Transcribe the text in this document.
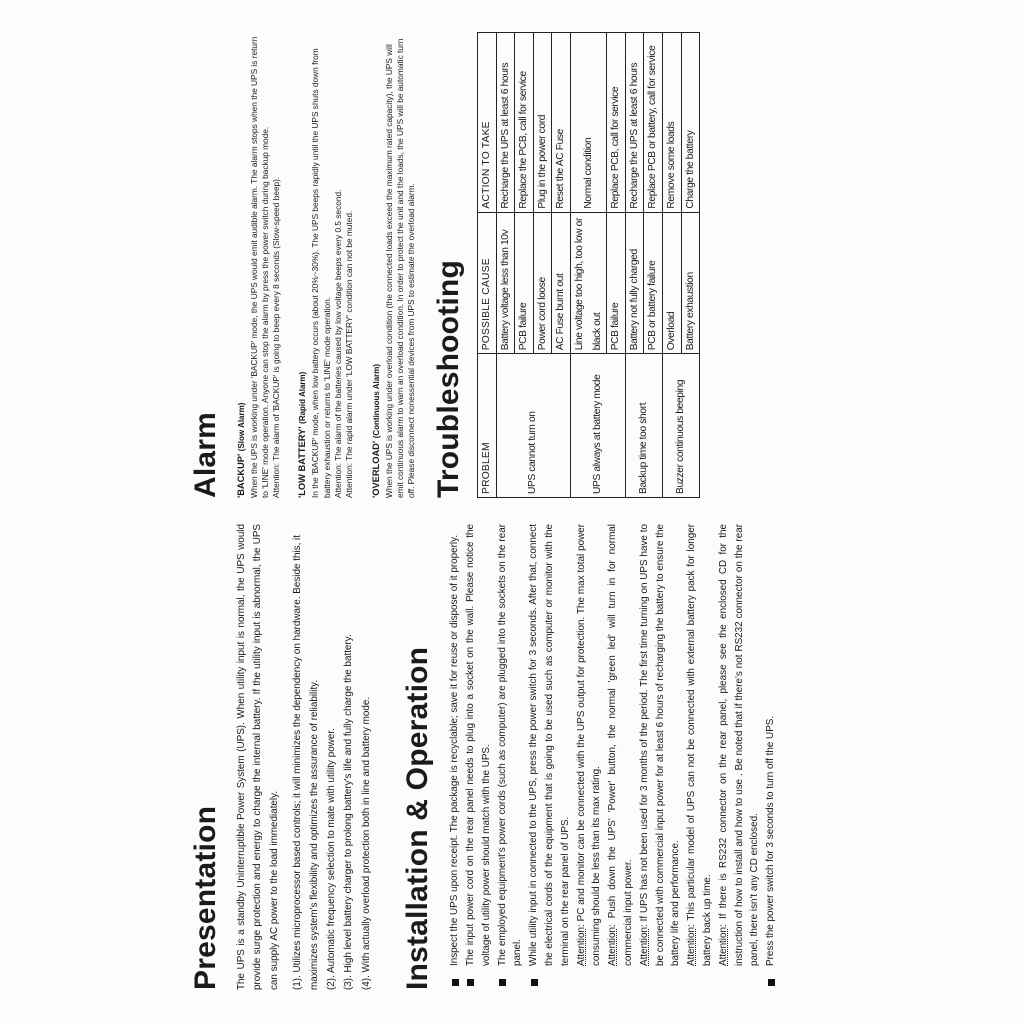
Presentation The UPS is a standby Uninterruptible Power System (UPS). When utility input is normal, the UPS would provide surge protection and energy to charge the internal battery. If the utility input is abnormal, the UPS can supply AC power to the load immediately.	(1). Utilizes microprocessor based controls; it will minimizes the dependency on hardware. Beside this, it maximizes system's flexibility and optimizes the assurance of reliability. (2). Automatic frequency selection to mate with utility power. (3). High level battery charger to prolong battery's life and fully charge the battery. (4). With actually overload protection both in line and battery mode. Installation & Operation Inspect the UPS upon receipt. The package is recyclable; save it for reuse or dispose of it properly. The input power cord on the rear panel needs to plug into a socket on the wall. Please notice the voltage of utility power should match with the UPS. The employed equipment's power cords (such as computer) are plugged into the sockets on the rear panel. While utility input in connected to the UPS, press the power switch for 3 seconds. After that, connect the electrical cords of the equipment that is going to be used such as computer or monitor with the terminal on the rear panel of UPS. Attention: PC and monitor can be connected with the UPS output for protection. The max total power consuming should be less than its max rating. Attention: Push down the UPS' 'Power' button, the normal 'green led' will turn in for normal commercial input power. Attention: If UPS has not been used for 3 months of the period. The first time turning on UPS have to be connected with commercial input power for at least 6 hours of recharging the battery to ensure the battery life and performance. Attention: This particular model of UPS can not be connected with external battery pack for longer battery back up time. Attention: If there is RS232 connector on the rear panel, please see the enclosed CD for the instruction of how to install and how to use . Be noted that if there's not RS232 connector on the rear panel, there isn't any CD enclosed. Press the power switch for 3 seconds to turn off the UPS.
Alarm 'BACKUP' (Slow Alarm) When the UPS is working under 'BACKUP' mode, the UPS would emit audible alarm. The alarm stops when the UPS is return to 'LINE' mode operation. Anyone can stop the alarm by press the power switch during backup mode. Attention: The alarm of 'BACKUP' is going to beep every 8 seconds (Slow-speed beep). 'LOW BATTERY' (Rapid Alarm) In the 'BACKUP' mode, when low battery occurs (about 20%~30%). The UPS beeps rapidly until the UPS shuts down from battery exhaustion or returns to 'LINE' mode operation. Attention: The alarm of the batteries caused by low voltage beeps every 0.5 second. Attention: The rapid alarm under 'LOW BATTERY' condition can not be muted. 'OVERLOAD' (Continuous Alarm) When the UPS is working under overload condition (the connected loads exceed the maximum rated capacity), the UPS will emit continuous alarm to warn an overload condition. In order to protect the unit and the loads, the UPS will be automatic turn off. Please disconnect nonessential devices from UPS to estimate the overload alarm. Troubleshooting PROBLEM	POSSIBLE CAUSE	ACTION TO TAKE
UPS cannot turn on	Battery voltage less than 10v	Recharge the UPS at least 6 hours
	PCB failure	Replace the PCB, call for service
	Power cord loose	Plug in the power cord
	AC Fuse burnt out	Reset the AC Fuse
UPS always at battery mode	Line voltage too high, too low or black out	Normal condition
	PCB failure	Replace PCB, call for service
Backup time too short	Battery not fully charged	Recharge the UPS at least 6 hours
	PCB or battery failure	Replace PCB or battery, call for service
Buzzer continuous beeping	Overload	Remove some loads
	Battery exhaustion	Charge the battery
